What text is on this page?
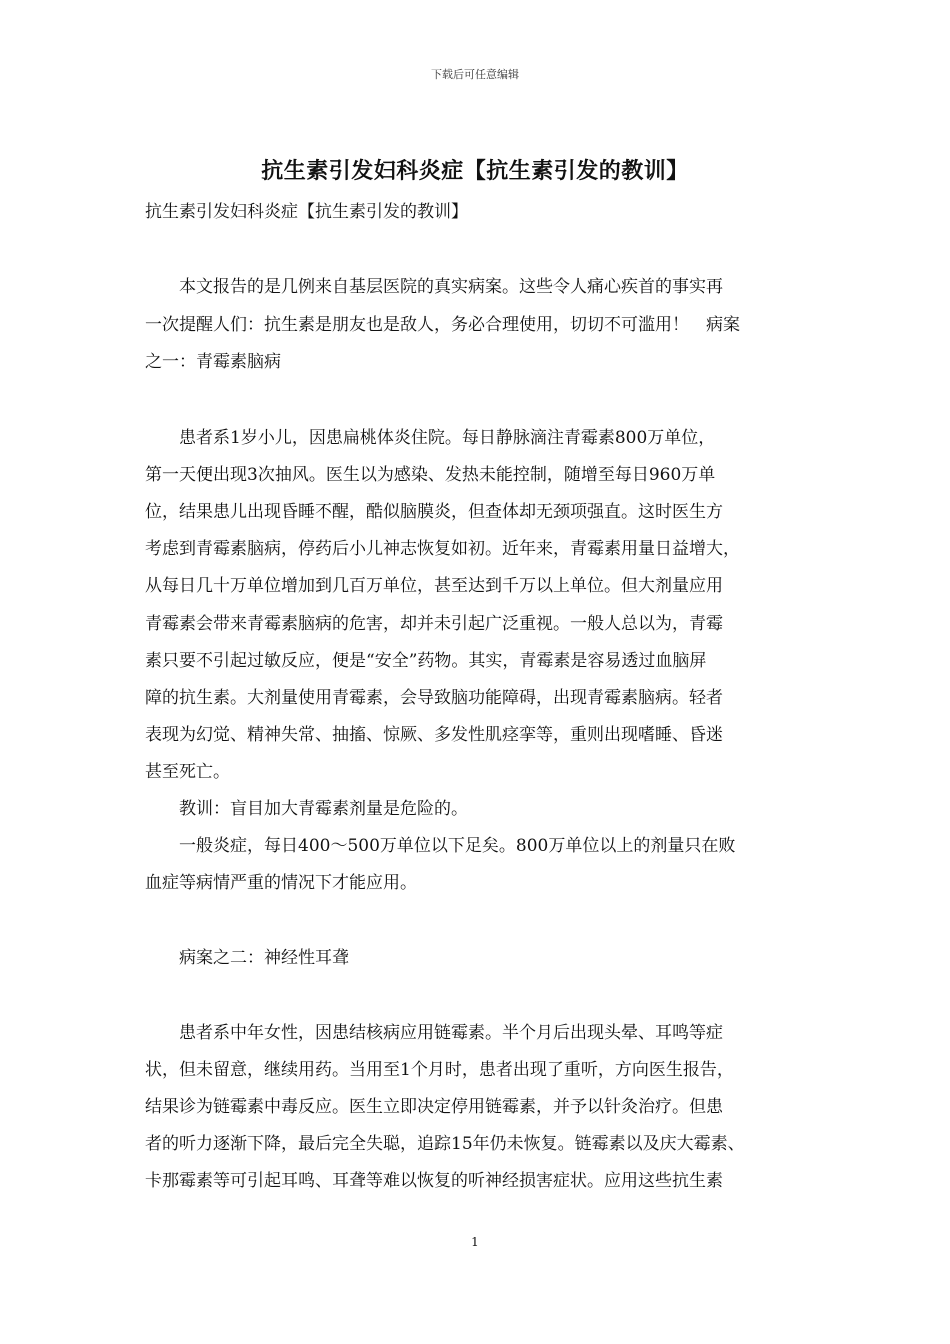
下载后可任意编辑
抗生素引发妇科炎症【抗生素引发的教训】
抗生素引发妇科炎症【抗生素引发的教训】
　　本文报告的是几例来自基层医院的真实病案。这些令人痛心疾首的事实再
一次提醒人们：抗生素是朋友也是敌人，务必合理使用，切切不可滥用！　病案
之一：青霉素脑病
　　患者系1岁小儿，因患扁桃体炎住院。每日静脉滴注青霉素800万单位，
第一天便出现3次抽风。医生以为感染、发热未能控制，随增至每日960万单
位，结果患儿出现昏睡不醒，酷似脑膜炎，但查体却无颈项强直。这时医生方
考虑到青霉素脑病，停药后小儿神志恢复如初。近年来，青霉素用量日益增大，
从每日几十万单位增加到几百万单位，甚至达到千万以上单位。但大剂量应用
青霉素会带来青霉素脑病的危害，却并未引起广泛重视。一般人总以为，青霉
素只要不引起过敏反应，便是“安全”药物。其实，青霉素是容易透过血脑屏
障的抗生素。大剂量使用青霉素，会导致脑功能障碍，出现青霉素脑病。轻者
表现为幻觉、精神失常、抽搐、惊厥、多发性肌痉挛等，重则出现嗜睡、昏迷
甚至死亡。
　　教训：盲目加大青霉素剂量是危险的。
　　一般炎症，每日400～500万单位以下足矣。800万单位以上的剂量只在败
血症等病情严重的情况下才能应用。
　　病案之二：神经性耳聋
　　患者系中年女性，因患结核病应用链霉素。半个月后出现头晕、耳鸣等症
状，但未留意，继续用药。当用至1个月时，患者出现了重听，方向医生报告，
结果诊为链霉素中毒反应。医生立即决定停用链霉素，并予以针灸治疗。但患
者的听力逐渐下降，最后完全失聪，追踪15年仍未恢复。链霉素以及庆大霉素、
卡那霉素等可引起耳鸣、耳聋等难以恢复的听神经损害症状。应用这些抗生素
1
